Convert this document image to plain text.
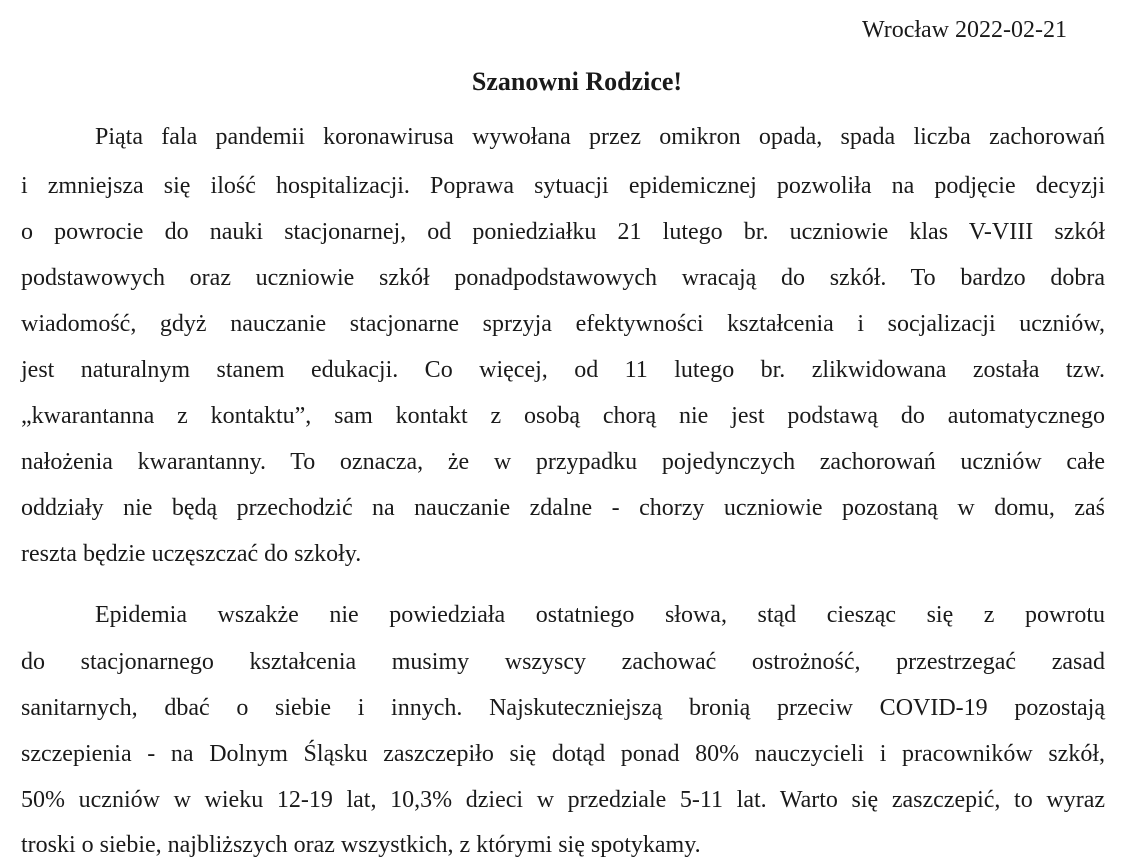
Wrocław 2022-02-21
Szanowni Rodzice!
Piąta fala pandemii koronawirusa wywołana przez omikron opada, spada liczba zachorowań
i zmniejsza się ilość hospitalizacji. Poprawa sytuacji epidemicznej pozwoliła na podjęcie decyzji
o powrocie do nauki stacjonarnej, od poniedziałku 21 lutego br. uczniowie klas V-VIII szkół
podstawowych oraz uczniowie szkół ponadpodstawowych wracają do szkół. To bardzo dobra
wiadomość, gdyż nauczanie stacjonarne sprzyja efektywności kształcenia i socjalizacji uczniów,
jest naturalnym stanem edukacji. Co więcej, od 11 lutego br. zlikwidowana została tzw.
„kwarantanna z kontaktu”, sam kontakt z osobą chorą nie jest podstawą do automatycznego
nałożenia kwarantanny. To oznacza, że w przypadku pojedynczych zachorowań uczniów całe
oddziały nie będą przechodzić na nauczanie zdalne - chorzy uczniowie pozostaną w domu, zaś
reszta będzie uczęszczać do szkoły.
Epidemia wszakże nie powiedziała ostatniego słowa, stąd ciesząc się z powrotu
do stacjonarnego kształcenia musimy wszyscy zachować ostrożność, przestrzegać zasad
sanitarnych, dbać o siebie i innych. Najskuteczniejszą bronią przeciw COVID-19 pozostają
szczepienia - na Dolnym Śląsku zaszczepiło się dotąd ponad 80% nauczycieli i pracowników szkół,
50% uczniów w wieku 12-19 lat, 10,3% dzieci w przedziale 5-11 lat. Warto się zaszczepić, to wyraz
troski o siebie, najbliższych oraz wszystkich, z którymi się spotykamy.
